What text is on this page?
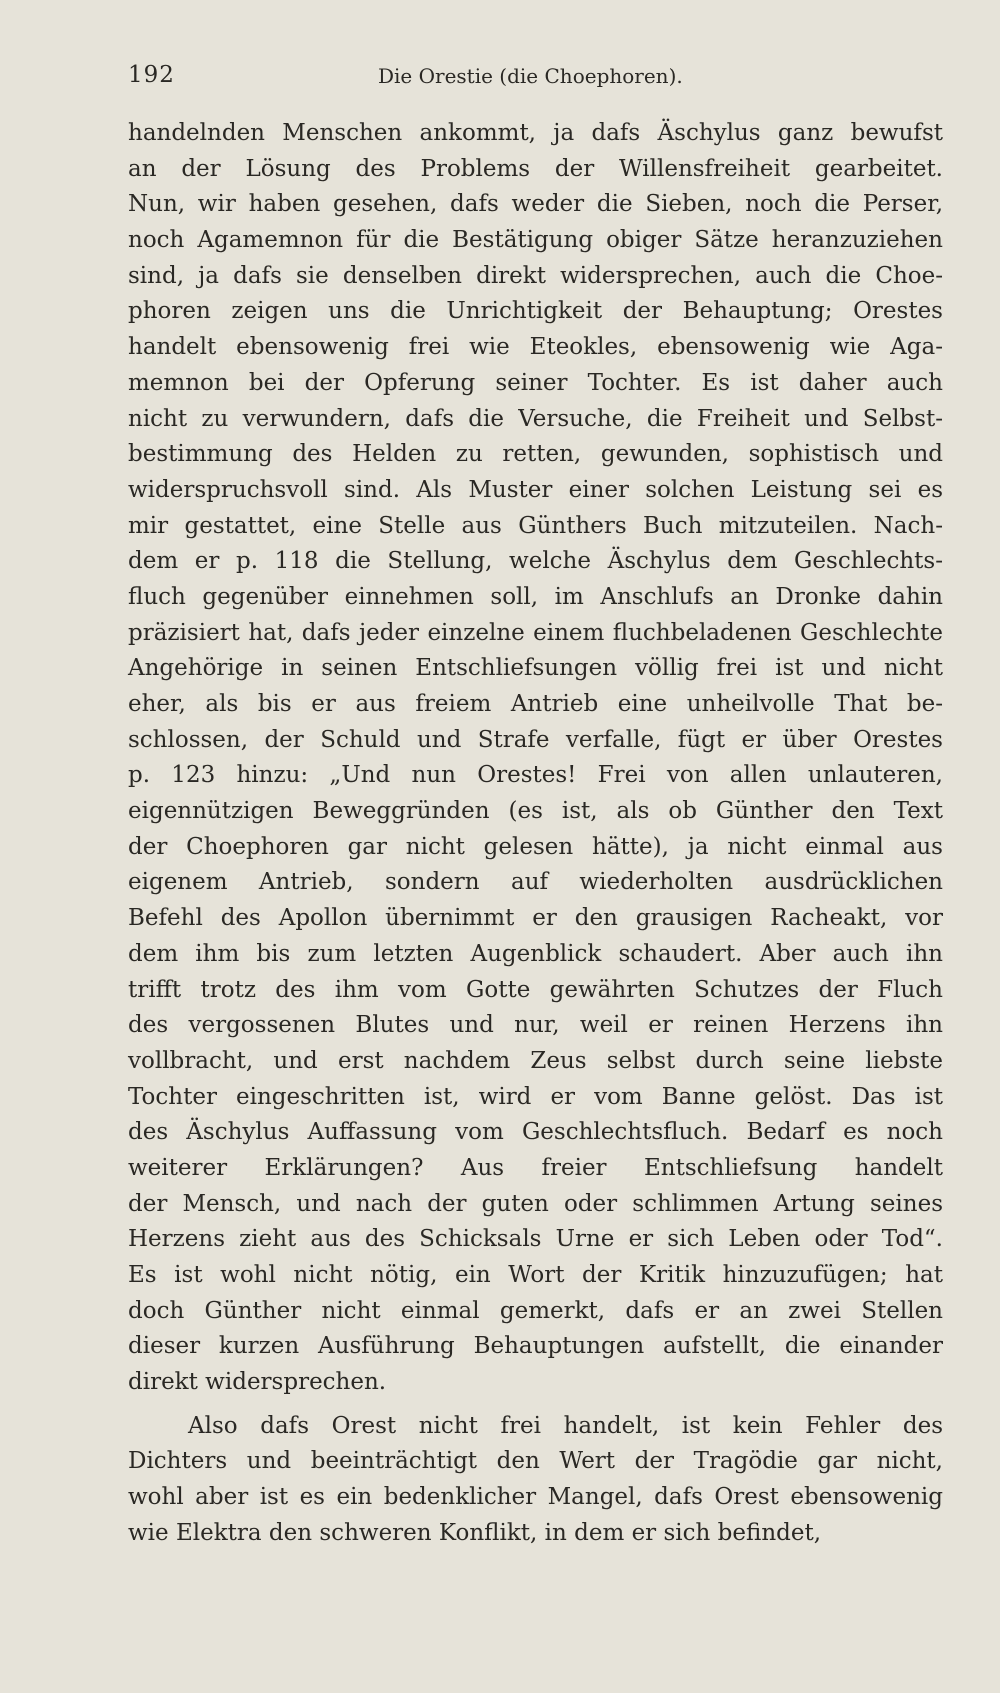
192	Die Orestie (die Choephoren).
handelnden Menschen ankommt, ja dafs Äschylus ganz bewufst
an der Lösung des Problems der Willensfreiheit gearbeitet.
Nun, wir haben gesehen, dafs weder die Sieben, noch die Perser,
noch Agamemnon für die Bestätigung obiger Sätze heranzuziehen
sind, ja dafs sie denselben direkt widersprechen, auch die Choe-
phoren zeigen uns die Unrichtigkeit der Behauptung; Orestes
handelt ebensowenig frei wie Eteokles, ebensowenig wie Aga-
memnon bei der Opferung seiner Tochter. Es ist daher auch
nicht zu verwundern, dafs die Versuche, die Freiheit und Selbst-
bestimmung des Helden zu retten, gewunden, sophistisch und
widerspruchsvoll sind. Als Muster einer solchen Leistung sei es
mir gestattet, eine Stelle aus Günthers Buch mitzuteilen. Nach-
dem er p. 118 die Stellung, welche Äschylus dem Geschlechts-
fluch gegenüber einnehmen soll, im Anschlufs an Dronke dahin
präzisiert hat, dafs jeder einzelne einem fluchbeladenen Geschlechte
Angehörige in seinen Entschliefsungen völlig frei ist und nicht
eher, als bis er aus freiem Antrieb eine unheilvolle That be-
schlossen, der Schuld und Strafe verfalle, fügt er über Orestes
p. 123 hinzu: „Und nun Orestes! Frei von allen unlauteren,
eigennützigen Beweggründen (es ist, als ob Günther den Text
der Choephoren gar nicht gelesen hätte), ja nicht einmal aus
eigenem Antrieb, sondern auf wiederholten ausdrücklichen
Befehl des Apollon übernimmt er den grausigen Racheakt, vor
dem ihm bis zum letzten Augenblick schaudert. Aber auch ihn
trifft trotz des ihm vom Gotte gewährten Schutzes der Fluch
des vergossenen Blutes und nur, weil er reinen Herzens ihn
vollbracht, und erst nachdem Zeus selbst durch seine liebste
Tochter eingeschritten ist, wird er vom Banne gelöst. Das ist
des Äschylus Auffassung vom Geschlechtsfluch. Bedarf es noch
weiterer Erklärungen? Aus freier Entschliefsung handelt
der Mensch, und nach der guten oder schlimmen Artung seines
Herzens zieht aus des Schicksals Urne er sich Leben oder Tod“.
Es ist wohl nicht nötig, ein Wort der Kritik hinzuzufügen; hat
doch Günther nicht einmal gemerkt, dafs er an zwei Stellen
dieser kurzen Ausführung Behauptungen aufstellt, die einander
direkt widersprechen.
Also dafs Orest nicht frei handelt, ist kein Fehler des
Dichters und beeinträchtigt den Wert der Tragödie gar nicht,
wohl aber ist es ein bedenklicher Mangel, dafs Orest ebensowenig
wie Elektra den schweren Konflikt, in dem er sich befindet,
